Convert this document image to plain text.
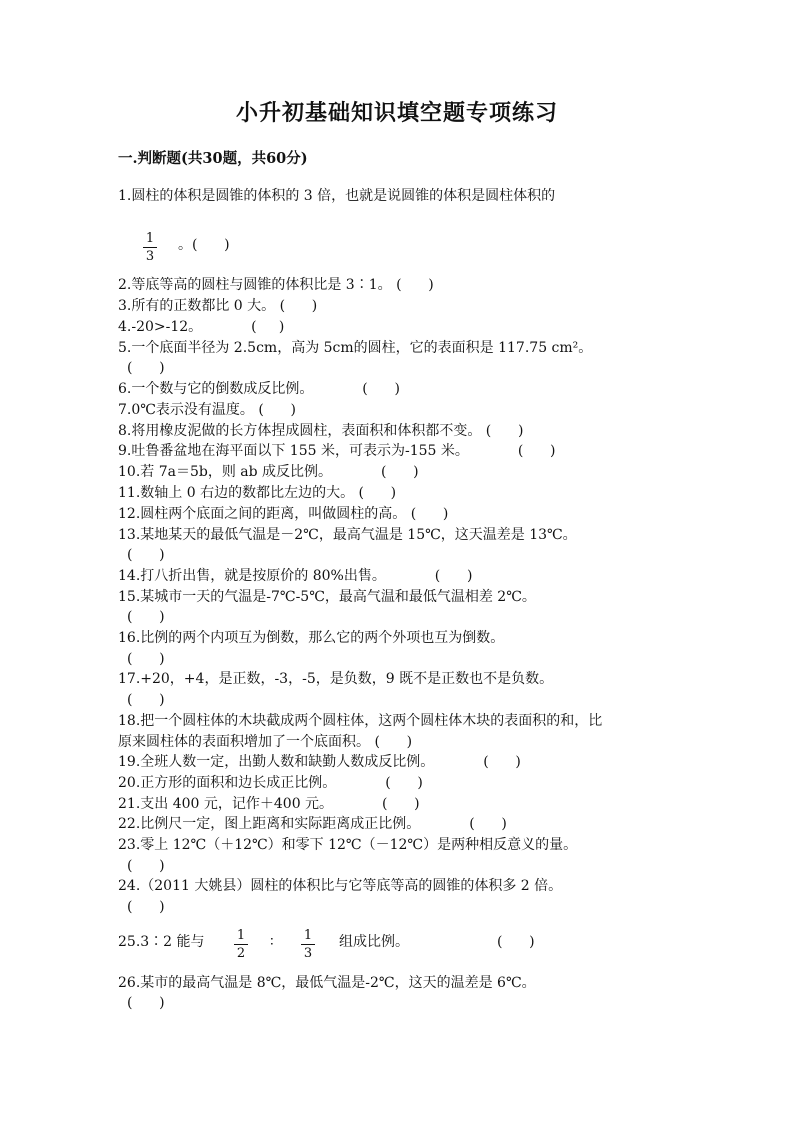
小升初基础知识填空题专项练习
一.判断题(共30题，共60分)
1.圆柱的体积是圆锥的体积的 3 倍，也就是说圆锥的体积是圆柱体积的
$\frac{1}{3}$ 。(      )
2.等底等高的圆柱与圆锥的体积比是 3∶1。 (      )
3.所有的正数都比 0 大。 (      )
4.-20>-12。           (     )
5.一个底面半径为 2.5cm，高为 5cm的圆柱，它的表面积是 117.75 cm²。
(      )
6.一个数与它的倒数成反比例。           (      )
7.0℃表示没有温度。 (      )
8.将用橡皮泥做的长方体捏成圆柱，表面积和体积都不变。 (      )
9.吐鲁番盆地在海平面以下 155 米，可表示为-155 米。           (      )
10.若 7a＝5b，则 ab 成反比例。           (      )
11.数轴上 0 右边的数都比左边的大。 (      )
12.圆柱两个底面之间的距离，叫做圆柱的高。 (      )
13.某地某天的最低气温是－2℃，最高气温是 15℃，这天温差是 13℃。
(      )
14.打八折出售，就是按原价的 80%出售。           (      )
15.某城市一天的气温是-7℃-5℃，最高气温和最低气温相差 2℃。
(      )
16.比例的两个内项互为倒数，那么它的两个外项也互为倒数。
(      )
17.+20，+4，是正数，-3，-5，是负数，9 既不是正数也不是负数。
(      )
18.把一个圆柱体的木块截成两个圆柱体，这两个圆柱体木块的表面积的和，比
原来圆柱体的表面积增加了一个底面积。 (      )
19.全班人数一定，出勤人数和缺勤人数成反比例。           (      )
20.正方形的面积和边长成正比例。           (      )
21.支出 400 元，记作＋400 元。           (      )
22.比例尺一定，图上距离和实际距离成正比例。           (      )
23.零上 12℃（＋12℃）和零下 12℃（－12℃）是两种相反意义的量。
(      )
24.（2011 大姚县）圆柱的体积比与它等底等高的圆锥的体积多 2 倍。
(      )
25.3∶2 能与 $\frac{1}{2}$ ∶ $\frac{1}{3}$ 组成比例。	(      )
26.某市的最高气温是 8℃，最低气温是-2℃，这天的温差是 6℃。
(      )
